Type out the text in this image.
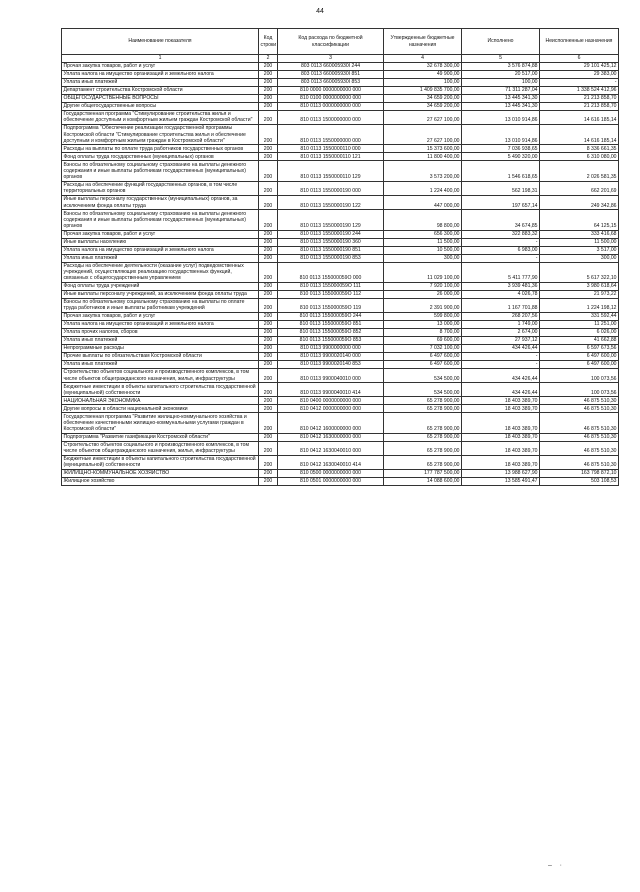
44
Наименование показателя	Код строки	Код расхода по бюджетной классификации	Утвержденные бюджетные назначения	Исполнено	Неисполненные назначения
1	2	3	4	5	6
Прочая закупка товаров, работ и услуг	200	803 0113 660005930I 244	32 678 300,00	3 576 874,88	29 101 425,12
Уплата налога на имущество организаций и земельного налога	200	803 0113 660005930I 851	49 900,00	20 517,00	29 383,00
Уплата иных платежей	200	803 0113 660005930I 853	100,00	100,00	-
Департамент строительства Костромской области	200	810 0000 0000000000 000	1 409 835 700,00	71 311 287,04	1 338 524 412,96
ОБЩЕГОСУДАРСТВЕННЫЕ ВОПРОСЫ	200	810 0100 0000000000 000	34 659 200,00	13 445 341,30	21 213 858,70
Другие общегосударственные вопросы	200	810 0113 0000000000 000	34 659 200,00	13 445 341,30	21 213 858,70
Государственная программа "Стимулирование строительства жилья и обеспечение доступным и комфортным жильем граждан Костромской области"	200	810 0113 1500000000 000	27 627 100,00	13 010 914,86	14 616 185,14
Подпрограмма "Обеспечение реализации государственной программы Костромской области "Стимулирование строительства жилья и обеспечение доступным и комфортным жильем граждан в Костромской области"	200	810 0113 1550000000 000	27 627 100,00	13 010 914,86	14 616 185,14
Расходы на выплаты по оплате труда работников государственных органов	200	810 0113 1550000110 000	15 373 600,00	7 036 938,65	8 336 661,35
Фонд оплаты труда государственных (муниципальных) органов	200	810 0113 1550000110 121	11 800 400,00	5 490 320,00	6 310 080,00
Взносы по обязательному социальному страхованию на выплаты денежного содержания и иные выплаты работникам государственных (муниципальных) органов	200	810 0113 1550000110 129	3 573 200,00	1 546 618,65	2 026 581,35
Расходы на обеспечение функций государственных органов, в том числе территориальных органов	200	810 0113 1550000190 000	1 224 400,00	562 198,31	662 201,69
Иные выплаты персоналу государственных (муниципальных) органов, за исключением фонда оплаты труда	200	810 0113 1550000190 122	447 000,00	197 657,14	249 342,86
Взносы по обязательному социальному страхованию на выплаты денежного содержания и иные выплаты работникам государственных (муниципальных) органов	200	810 0113 1550000190 129	98 800,00	34 674,85	64 125,15
Прочая закупка товаров, работ и услуг	200	810 0113 1550000190 244	656 300,00	322 883,32	333 416,68
Иные выплаты населению	200	810 0113 1550000190 360	11 500,00	-	11 500,00
Уплата налога на имущество организаций и земельного налога	200	810 0113 1550000190 851	10 500,00	6 983,00	3 517,00
Уплата иных платежей	200	810 0113 1550000190 853	300,00	-	300,00
Расходы на обеспечение деятельности (оказание услуг) подведомственных учреждений, осуществляющих реализацию государственных функций, связанных с общегосударственным управлением	200	810 0113 155000059О 000	11 029 100,00	5 411 777,90	5 617 322,10
Фонд оплаты труда учреждений	200	810 0113 155000059О 111	7 920 100,00	3 939 481,36	3 980 618,64
Иные выплаты персоналу учреждений, за исключением фонда оплаты труда	200	810 0113 155000059О 112	26 000,00	4 026,78	21 973,22
Взносы по обязательному социальному страхованию на выплаты по оплате труда работников и иные выплаты работникам учреждений	200	810 0113 155000059О 119	2 391 900,00	1 167 701,88	1 224 198,12
Прочая закупка товаров, работ и услуг	200	810 0113 155000059О 244	599 800,00	268 207,56	331 592,44
Уплата налога на имущество организаций и земельного налога	200	810 0113 155000059О 851	13 000,00	1 749,00	11 251,00
Уплата прочих налогов, сборов	200	810 0113 155000059О 852	8 700,00	2 674,00	6 026,00
Уплата иных платежей	200	810 0113 155000059О 853	69 600,00	27 937,12	41 662,88
Непрограммные расходы	200	810 0113 9900000000 000	7 032 100,00	434 426,44	6 597 673,56
Прочие выплаты по обязательствам Костромской области	200	810 0113 9900020140 000	6 497 600,00	-	6 497 600,00
Уплата иных платежей	200	810 0113 9900020140 853	6 497 600,00	-	6 497 600,00
Строительство объектов социального и производственного комплексов, в том числе объектов общегражданского назначения, жилья, инфраструктуры	200	810 0113 9900040010 000	534 500,00	434 426,44	100 073,56
Бюджетные инвестиции в объекты капитального строительства государственной (муниципальной) собственности	200	810 0113 9900040010 414	534 500,00	434 426,44	100 073,56
НАЦИОНАЛЬНАЯ ЭКОНОМИКА	200	810 0400 0000000000 000	65 278 900,00	18 403 389,70	46 875 510,30
Другие вопросы в области национальной экономики	200	810 0412 0000000000 000	65 278 900,00	18 403 389,70	46 875 510,30
Государственная программа "Развитие жилищно-коммунального хозяйства и обеспечение качественными жилищно-коммунальными услугами граждан в Костромской области"	200	810 0412 1600000000 000	65 278 900,00	18 403 389,70	46 875 510,30
Подпрограмма "Развитие газификации Костромской области"	200	810 0412 1630000000 000	65 278 900,00	18 403 389,70	46 875 510,30
Строительство объектов социального и производственного комплексов, в том числе объектов общегражданского назначения, жилья, инфраструктуры	200	810 0412 1630040010 000	65 278 900,00	18 403 389,70	46 875 510,30
Бюджетные инвестиции в объекты капитального строительства государственной (муниципальной) собственности	200	810 0412 1630040010 414	65 278 900,00	18 403 389,70	46 875 510,30
ЖИЛИЩНО-КОММУНАЛЬНОЕ ХОЗЯЙСТВО	200	810 0500 0000000000 000	177 787 500,00	13 988 627,90	163 798 872,10
Жилищное хозяйство	200	810 0501 0000000000 000	14 088 600,00	13 585 491,47	503 108,53
–    ·
